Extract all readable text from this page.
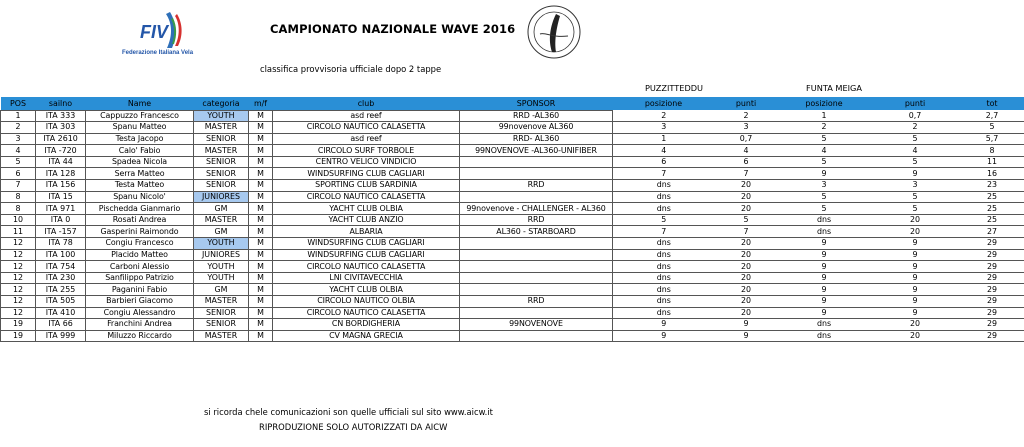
FIV
Federazione Italiana Vela
CAMPIONATO NAZIONALE WAVE 2016
classifica provvisoria ufficiale dopo 2 tappe
PUZZITTEDDU	FUNTA MEIGA
POS	sailno	Name	categoria	m/f	club	SPONSOR	posizione	punti	posizione	punti	tot
1	ITA 333	Cappuzzo Francesco	YOUTH	M	asd reef	RRD -AL360	2	2	1	0,7	2,7
2	ITA 303	Spanu Matteo	MASTER	M	CIRCOLO NAUTICO CALASETTA	99novenove AL360	3	3	2	2	5
3	ITA 2610	Testa Jacopo	SENIOR	M	asd reef	RRD- AL360	1	0,7	5	5	5,7
4	ITA -720	Calo' Fabio	MASTER	M	CIRCOLO SURF TORBOLE	99NOVENOVE -AL360-UNIFIBER	4	4	4	4	8
5	ITA 44	Spadea Nicola	SENIOR	M	CENTRO VELICO VINDICIO		6	6	5	5	11
6	ITA 128	Serra Matteo	SENIOR	M	WINDSURFING CLUB CAGLIARI		7	7	9	9	16
7	ITA 156	Testa Matteo	SENIOR	M	SPORTING CLUB SARDINIA	RRD	dns	20	3	3	23
8	ITA 15	Spanu Nicolo'	JUNIORES	M	CIRCOLO NAUTICO CALASETTA		dns	20	5	5	25
8	ITA 971	Pischedda Gianmario	GM	M	YACHT CLUB OLBIA	99novenove - CHALLENGER - AL360	dns	20	5	5	25
10	ITA 0	Rosati Andrea	MASTER	M	YACHT CLUB ANZIO	RRD	5	5	dns	20	25
11	ITA -157	Gasperini Raimondo	GM	M	ALBARIA	AL360 - STARBOARD	7	7	dns	20	27
12	ITA 78	Congiu Francesco	YOUTH	M	WINDSURFING CLUB CAGLIARI		dns	20	9	9	29
12	ITA 100	Placido Matteo	JUNIORES	M	WINDSURFING CLUB CAGLIARI		dns	20	9	9	29
12	ITA 754	Carboni Alessio	YOUTH	M	CIRCOLO NAUTICO CALASETTA		dns	20	9	9	29
12	ITA 230	Sanfilippo Patrizio	YOUTH	M	LNI CIVITAVECCHIA		dns	20	9	9	29
12	ITA 255	Paganini Fabio	GM	M	YACHT CLUB OLBIA		dns	20	9	9	29
12	ITA 505	Barbieri Giacomo	MASTER	M	CIRCOLO NAUTICO OLBIA	RRD	dns	20	9	9	29
12	ITA 410	Congiu Alessandro	SENIOR	M	CIRCOLO NAUTICO CALASETTA		dns	20	9	9	29
19	ITA 66	Franchini Andrea	SENIOR	M	CN BORDIGHERIA	99NOVENOVE	9	9	dns	20	29
19	ITA 999	Miluzzo Riccardo	MASTER	M	CV MAGNA GRECIA		9	9	dns	20	29
si ricorda chele comunicazioni son quelle ufficiali sul sito www.aicw.it
RIPRODUZIONE SOLO AUTORIZZATI DA AICW
